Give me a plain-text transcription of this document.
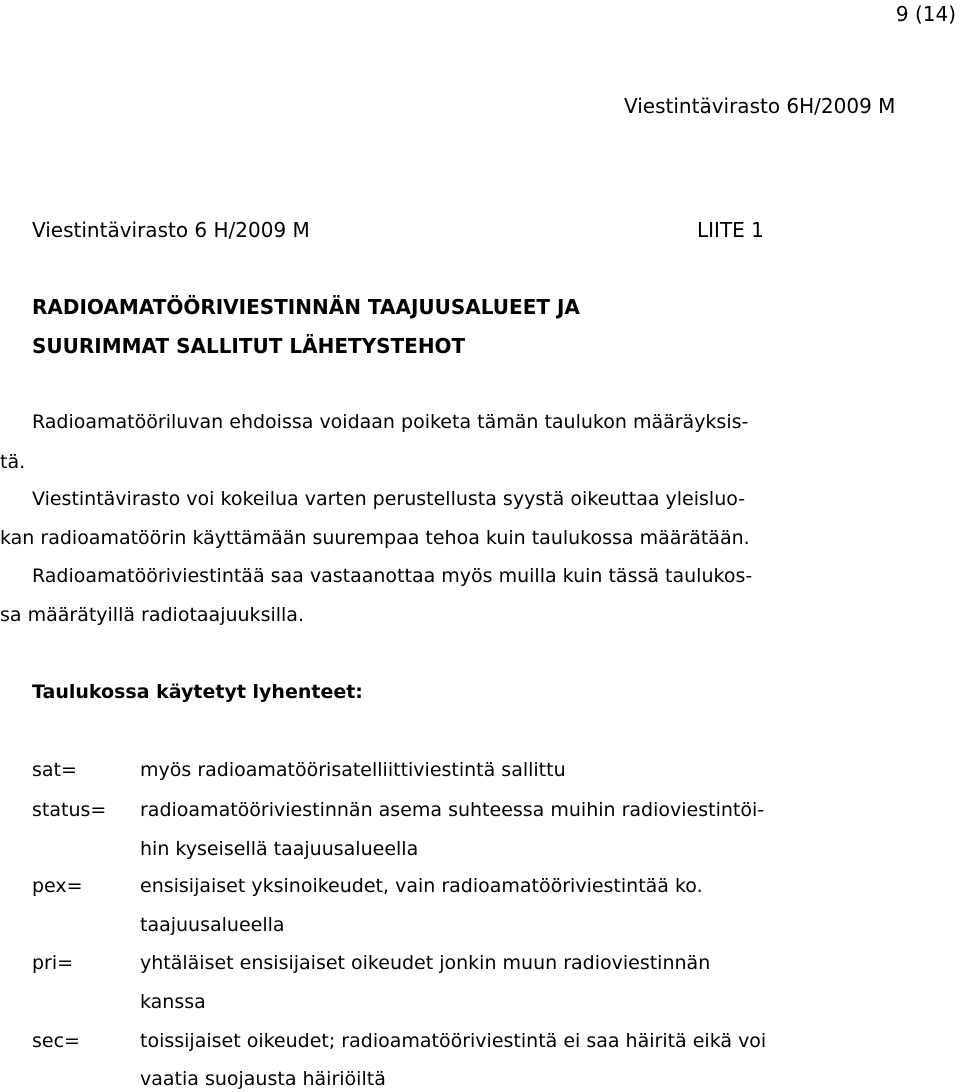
9 (14)
Viestintävirasto 6H/2009 M
Viestintävirasto 6 H/2009 M	LIITE 1
RADIOAMATÖÖRIVIESTINNÄN TAAJUUSALUEET JA
SUURIMMAT SALLITUT LÄHETYSTEHOT
Radioamatööriluvan ehdoissa voidaan poiketa tämän taulukon määräyksis-
tä.
Viestintävirasto voi kokeilua varten perustellusta syystä oikeuttaa yleisluo-
kan radioamatöörin käyttämään suurempaa tehoa kuin taulukossa määrätään.
Radioamatööriviestintää saa vastaanottaa myös muilla kuin tässä taulukos-
sa määrätyillä radiotaajuuksilla.
Taulukossa käytetyt lyhenteet:
sat=	myös radioamatöörisatelliittiviestintä sallittu
status= radioamatööriviestinnän asema suhteessa muihin radioviestintöi-
hin kyseisellä taajuusalueella
pex=	ensisijaiset yksinoikeudet, vain radioamatööriviestintää ko.
taajuusalueella
pri=	yhtäläiset ensisijaiset oikeudet jonkin muun radioviestinnän
kanssa
sec=	toissijaiset oikeudet; radioamatööriviestintä ei saa häiritä eikä voi
vaatia suojausta häiriöiltä
